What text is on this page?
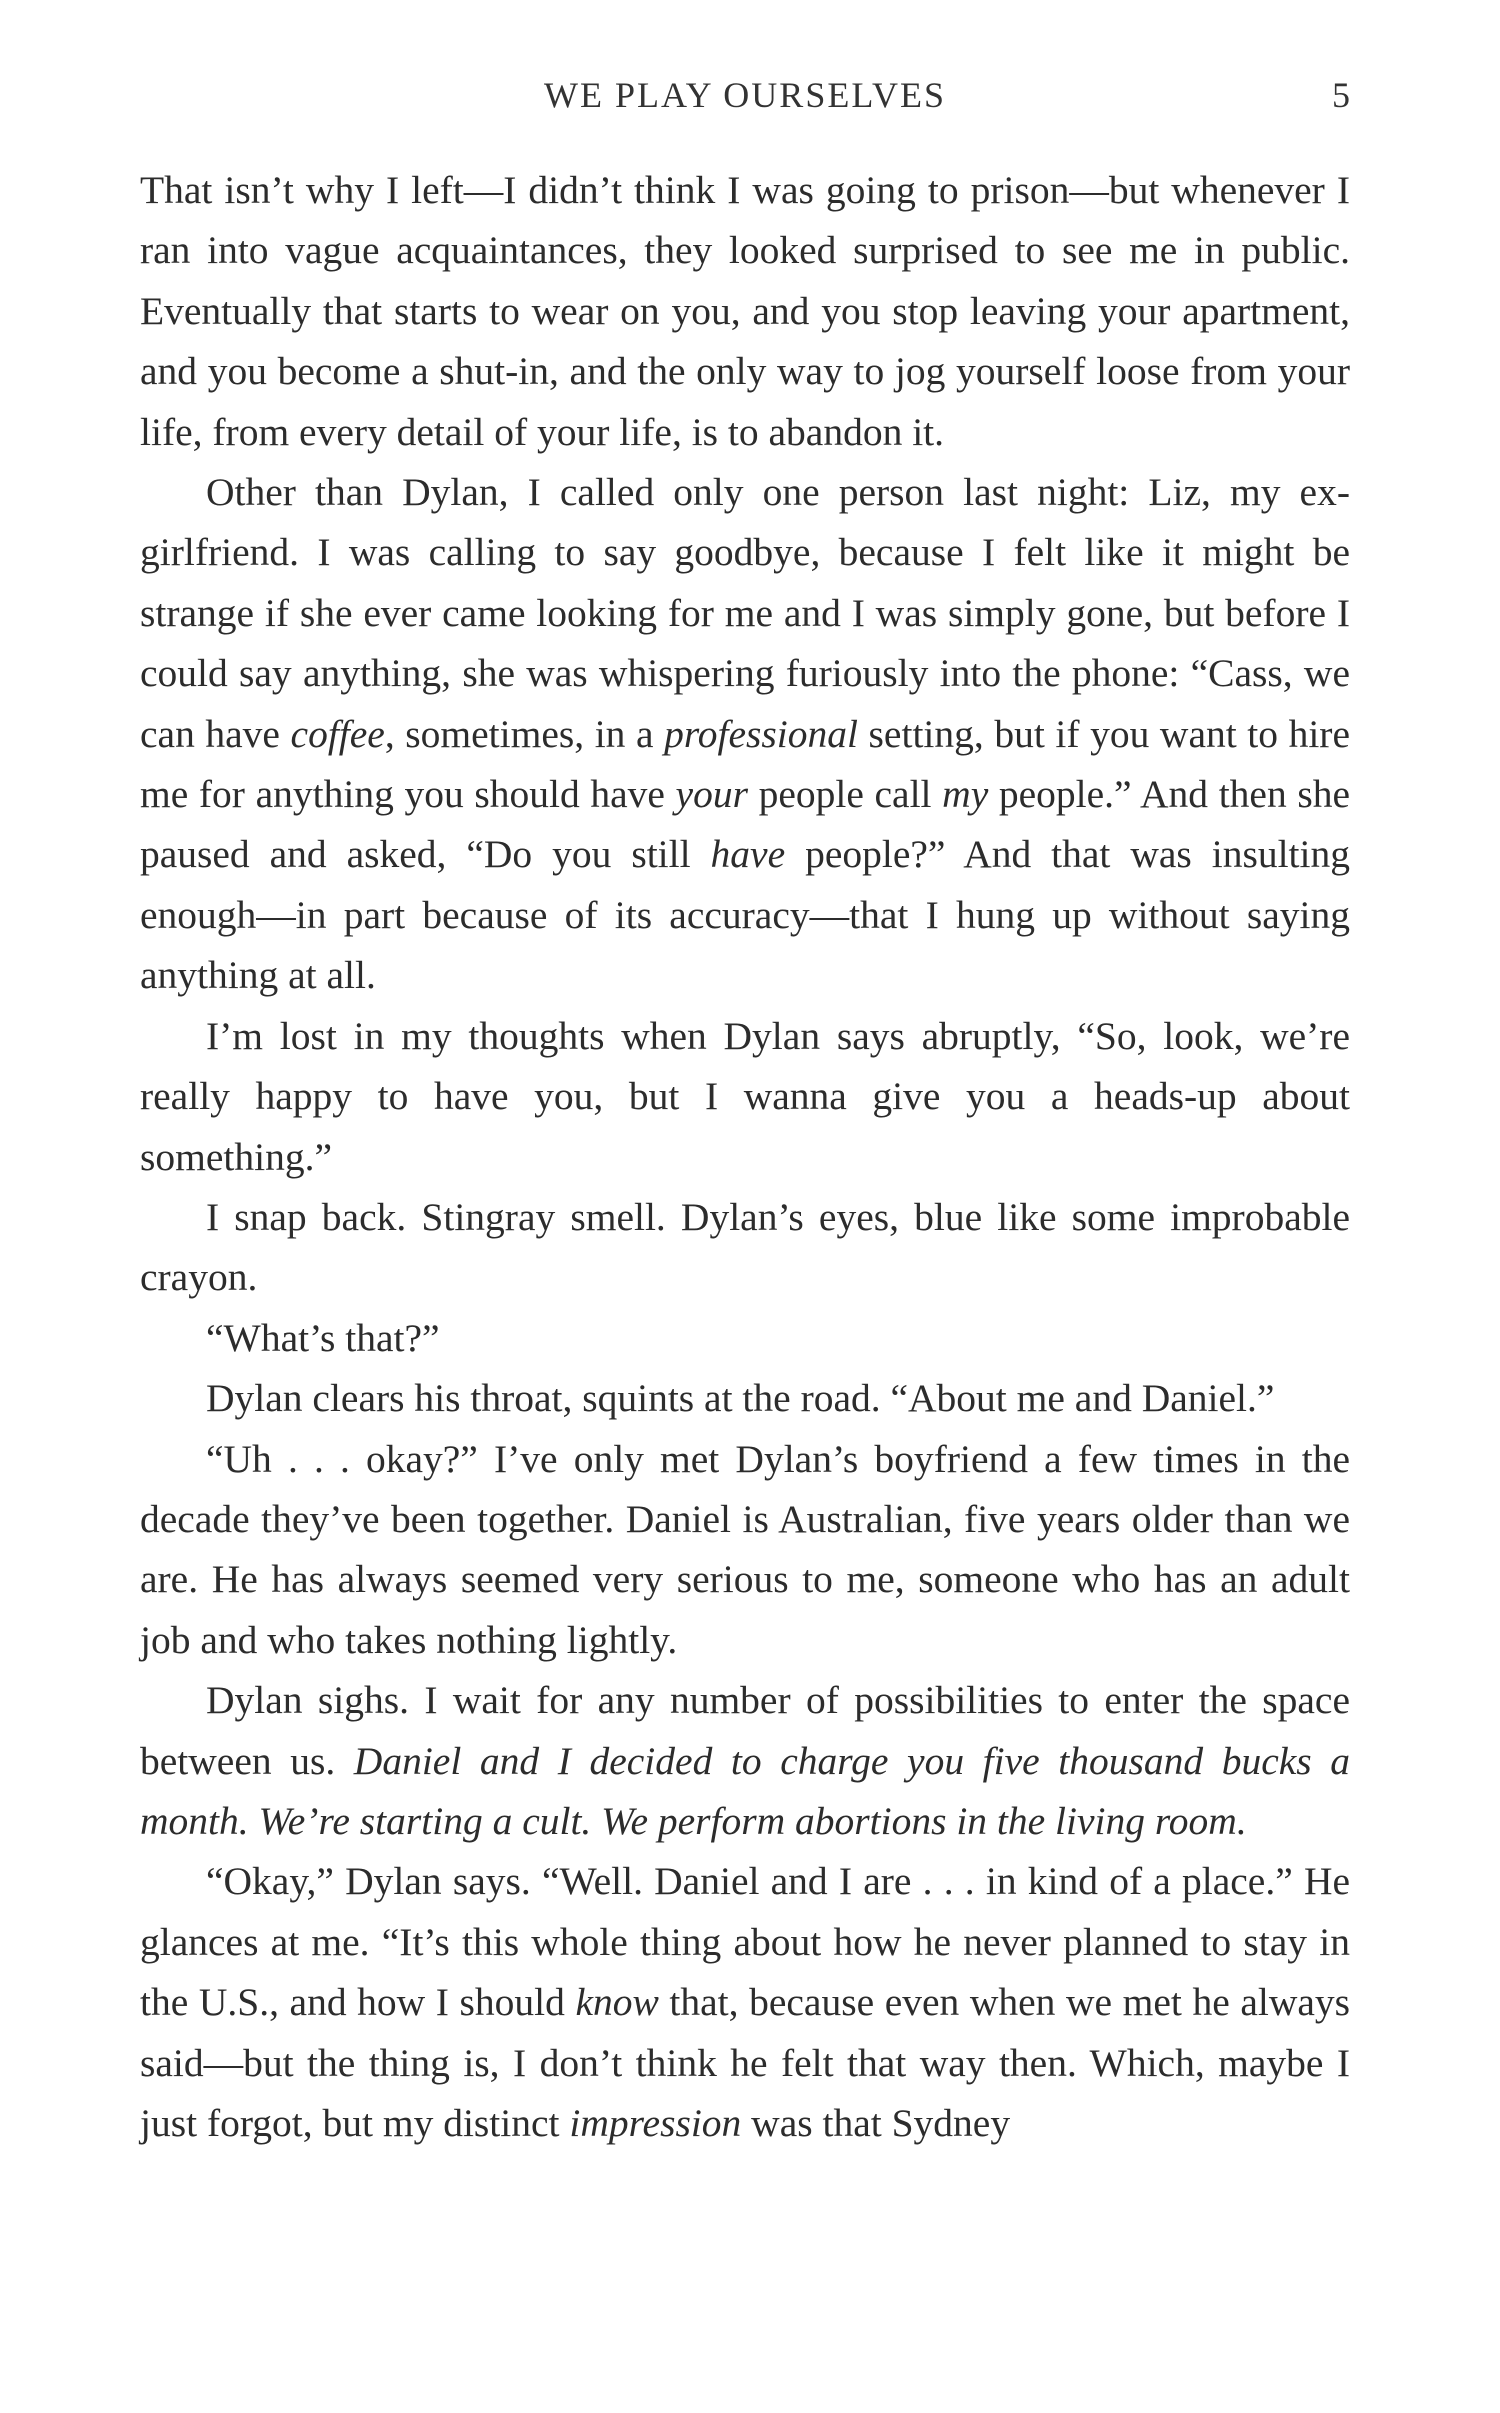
WE PLAY OURSELVES	5

That isn’t why I left—I didn’t think I was going to prison—but whenever I ran into vague acquaintances, they looked surprised to see me in public. Eventually that starts to wear on you, and you stop leaving your apartment, and you become a shut-in, and the only way to jog yourself loose from your life, from every detail of your life, is to abandon it.

Other than Dylan, I called only one person last night: Liz, my ex-girlfriend. I was calling to say goodbye, because I felt like it might be strange if she ever came looking for me and I was simply gone, but before I could say anything, she was whispering furiously into the phone: “Cass, we can have coffee, sometimes, in a professional setting, but if you want to hire me for anything you should have your people call my people.” And then she paused and asked, “Do you still have people?” And that was insulting enough—in part because of its accuracy—that I hung up without saying anything at all.

I’m lost in my thoughts when Dylan says abruptly, “So, look, we’re really happy to have you, but I wanna give you a heads-up about something.”

I snap back. Stingray smell. Dylan’s eyes, blue like some improbable crayon.

“What’s that?”

Dylan clears his throat, squints at the road. “About me and Daniel.”

“Uh . . . okay?” I’ve only met Dylan’s boyfriend a few times in the decade they’ve been together. Daniel is Australian, five years older than we are. He has always seemed very serious to me, someone who has an adult job and who takes nothing lightly.

Dylan sighs. I wait for any number of possibilities to enter the space between us. Daniel and I decided to charge you five thousand bucks a month. We’re starting a cult. We perform abortions in the living room.

“Okay,” Dylan says. “Well. Daniel and I are . . . in kind of a place.” He glances at me. “It’s this whole thing about how he never planned to stay in the U.S., and how I should know that, because even when we met he always said—but the thing is, I don’t think he felt that way then. Which, maybe I just forgot, but my distinct impression was that Sydney
